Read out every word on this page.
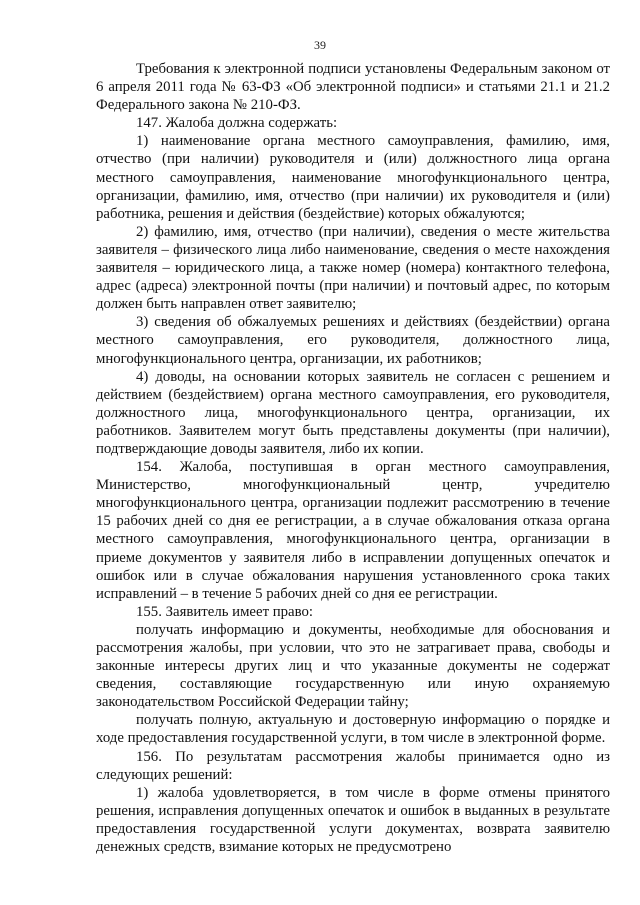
39

Требования к электронной подписи установлены Федеральным законом от 6 апреля 2011 года № 63-ФЗ «Об электронной подписи» и статьями 21.1 и 21.2 Федерального закона № 210-ФЗ.

147. Жалоба должна содержать:

1) наименование органа местного самоуправления, фамилию, имя, отчество (при наличии) руководителя и (или) должностного лица органа местного самоуправления, наименование многофункционального центра, организации, фамилию, имя, отчество (при наличии) их руководителя и (или) работника, решения и действия (бездействие) которых обжалуются;

2) фамилию, имя, отчество (при наличии), сведения о месте жительства заявителя – физического лица либо наименование, сведения о месте нахождения заявителя – юридического лица, а также номер (номера) контактного телефона, адрес (адреса) электронной почты (при наличии) и почтовый адрес, по которым должен быть направлен ответ заявителю;

3) сведения об обжалуемых решениях и действиях (бездействии) органа местного самоуправления, его руководителя, должностного лица, многофункционального центра, организации, их работников;

4) доводы, на основании которых заявитель не согласен с решением и действием (бездействием) органа местного самоуправления, его руководителя, должностного лица, многофункционального центра, организации, их работников. Заявителем могут быть представлены документы (при наличии), подтверждающие доводы заявителя, либо их копии.

154. Жалоба, поступившая в орган местного самоуправления, Министерство, многофункциональный центр, учредителю многофункционального центра, организации подлежит рассмотрению в течение 15 рабочих дней со дня ее регистрации, а в случае обжалования отказа органа местного самоуправления, многофункционального центра, организации в приеме документов у заявителя либо в исправлении допущенных опечаток и ошибок или в случае обжалования нарушения установленного срока таких исправлений – в течение 5 рабочих дней со дня ее регистрации.

155. Заявитель имеет право:

получать информацию и документы, необходимые для обоснования и рассмотрения жалобы, при условии, что это не затрагивает права, свободы и законные интересы других лиц и что указанные документы не содержат сведения, составляющие государственную или иную охраняемую законодательством Российской Федерации тайну;

получать полную, актуальную и достоверную информацию о порядке и ходе предоставления государственной услуги, в том числе в электронной форме.

156. По результатам рассмотрения жалобы принимается одно из следующих решений:

1) жалоба удовлетворяется, в том числе в форме отмены принятого решения, исправления допущенных опечаток и ошибок в выданных в результате предоставления государственной услуги документах, возврата заявителю денежных средств, взимание которых не предусмотрено
